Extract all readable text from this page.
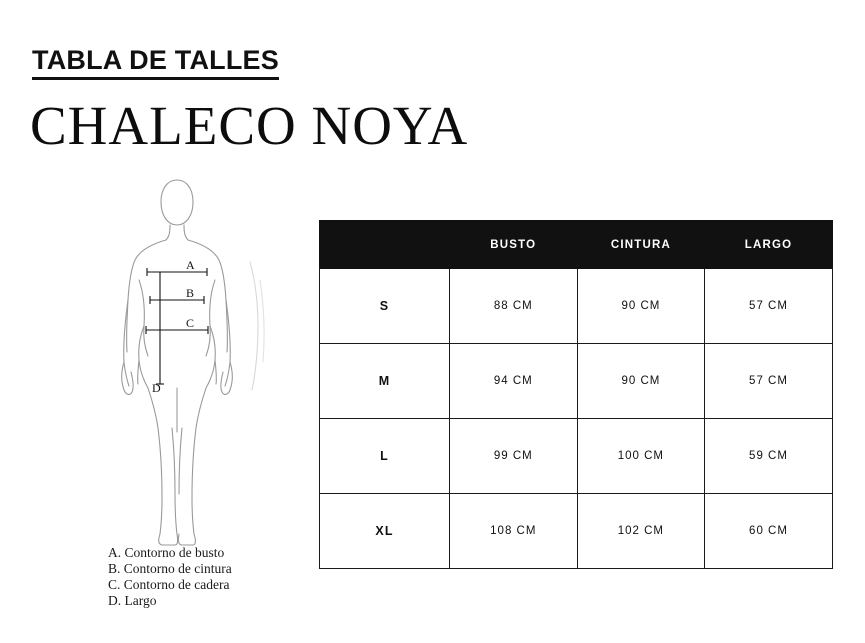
TABLA DE TALLES
CHALECO NOYA
A
B
C
D
A. Contorno de busto
B. Contorno de cintura
C. Contorno de cadera
D. Largo
	BUSTO	CINTURA	LARGO
S	88 CM	90 CM	57 CM
M	94 CM	90 CM	57 CM
L	99 CM	100 CM	59 CM
XL	108 CM	102 CM	60 CM
